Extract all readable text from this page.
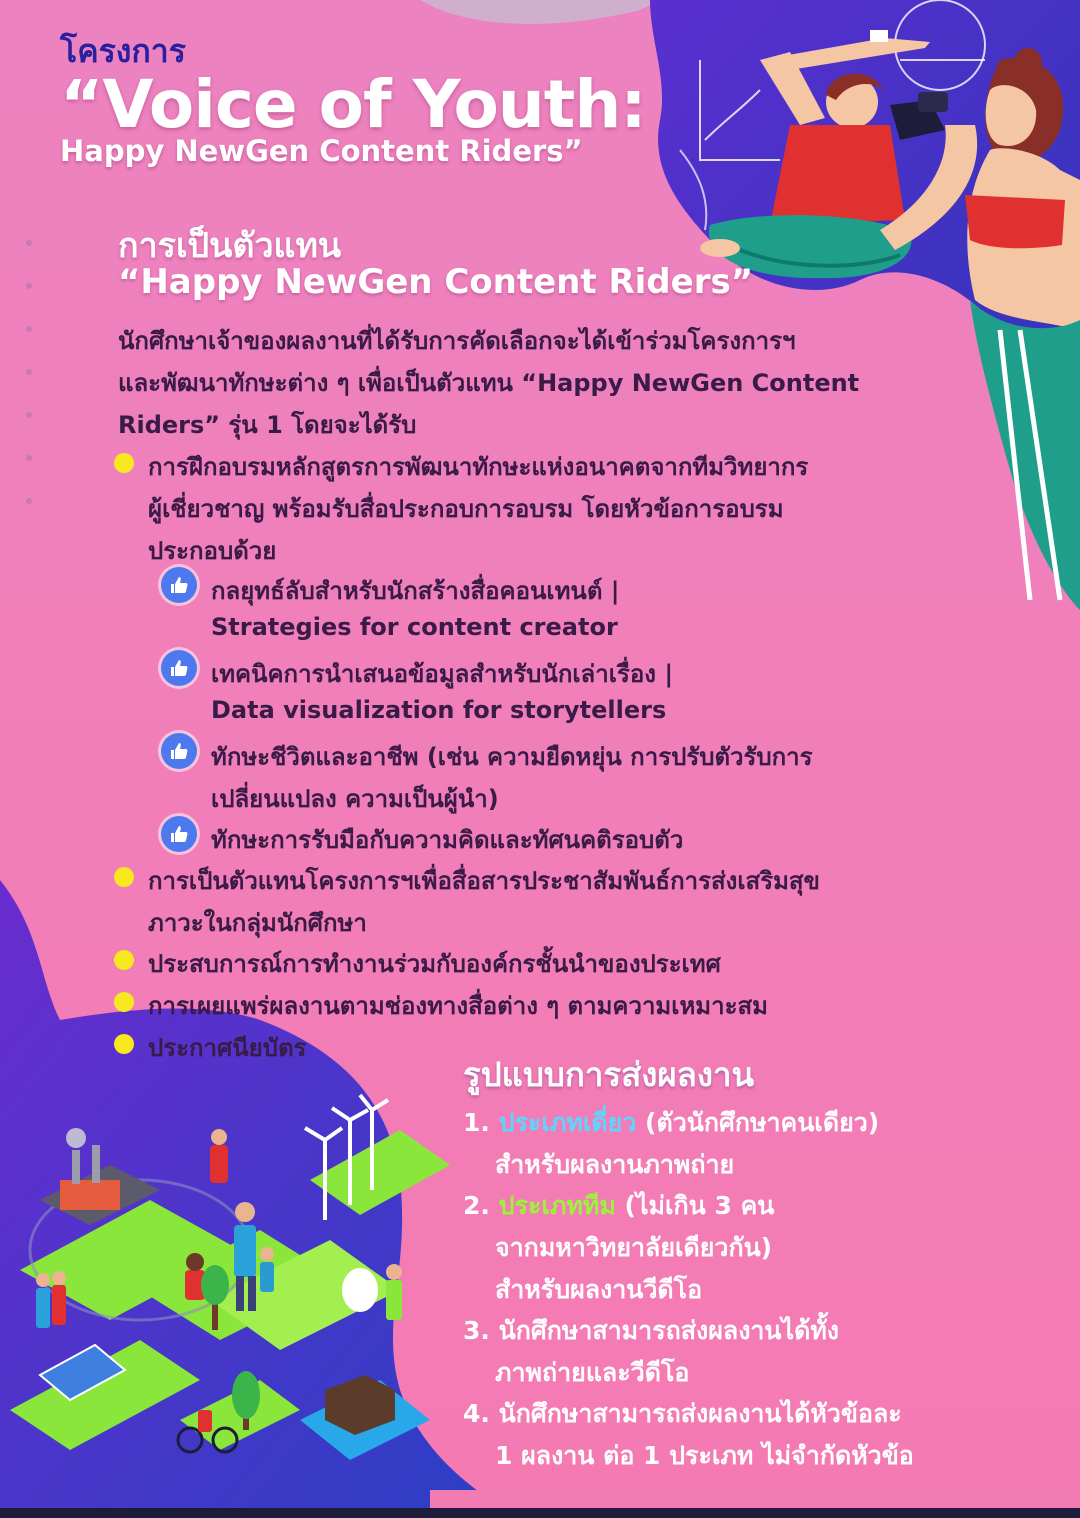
โครงการ
“Voice of Youth:
Happy NewGen Content Riders”
การเป็นตัวแทน
“Happy NewGen Content Riders”
นักศึกษาเจ้าของผลงานที่ได้รับการคัดเลือกจะได้เข้าร่วมโครงการฯ
และพัฒนาทักษะต่าง ๆ เพื่อเป็นตัวแทน “Happy NewGen Content
Riders” รุ่น 1 โดยจะได้รับ
การฝึกอบรมหลักสูตรการพัฒนาทักษะแห่งอนาคตจากทีมวิทยากร
ผู้เชี่ยวชาญ พร้อมรับสื่อประกอบการอบรม โดยหัวข้อการอบรม
ประกอบด้วย
กลยุทธ์ลับสำหรับนักสร้างสื่อคอนเทนต์ |
Strategies for content creator
เทคนิคการนำเสนอข้อมูลสำหรับนักเล่าเรื่อง |
Data visualization for storytellers
ทักษะชีวิตและอาชีพ (เช่น ความยืดหยุ่น การปรับตัวรับการ
เปลี่ยนแปลง ความเป็นผู้นำ)
ทักษะการรับมือกับความคิดและทัศนคติรอบตัว
การเป็นตัวแทนโครงการฯเพื่อสื่อสารประชาสัมพันธ์การส่งเสริมสุข
ภาวะในกลุ่มนักศึกษา
ประสบการณ์การทำงานร่วมกับองค์กรชั้นนำของประเทศ
การเผยแพร่ผลงานตามช่องทางสื่อต่าง ๆ ตามความเหมาะสม
ประกาศนียบัตร
รูปแบบการส่งผลงาน
1. ประเภทเดี่ยว (ตัวนักศึกษาคนเดียว)
สำหรับผลงานภาพถ่าย
2. ประเภททีม (ไม่เกิน 3 คน
จากมหาวิทยาลัยเดียวกัน)
สำหรับผลงานวีดีโอ
3. นักศึกษาสามารถส่งผลงานได้ทั้ง
ภาพถ่ายและวีดีโอ
4. นักศึกษาสามารถส่งผลงานได้หัวข้อละ
1 ผลงาน ต่อ 1 ประเภท ไม่จำกัดหัวข้อ
